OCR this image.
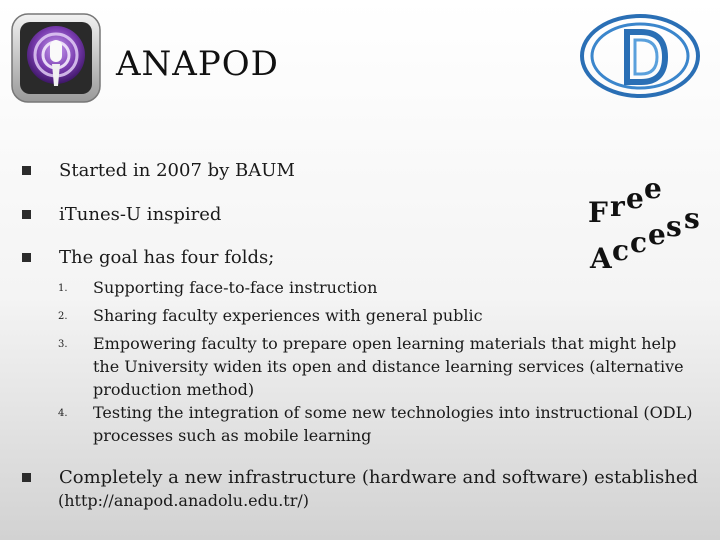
ANAPOD
Started in 2007 by BAUM
iTunes-U inspired
The goal has four folds;
1. Supporting face-to-face instruction
2. Sharing faculty experiences with general public
3. Empowering faculty to prepare open learning materials that might help the University widen its open and distance learning services (alternative production method)
4. Testing the integration of some new technologies into instructional (ODL) processes such as mobile learning
Completely a new infrastructure (hardware and software) established
(http://anapod.anadolu.edu.tr/)
F r e e
A c c e s s
